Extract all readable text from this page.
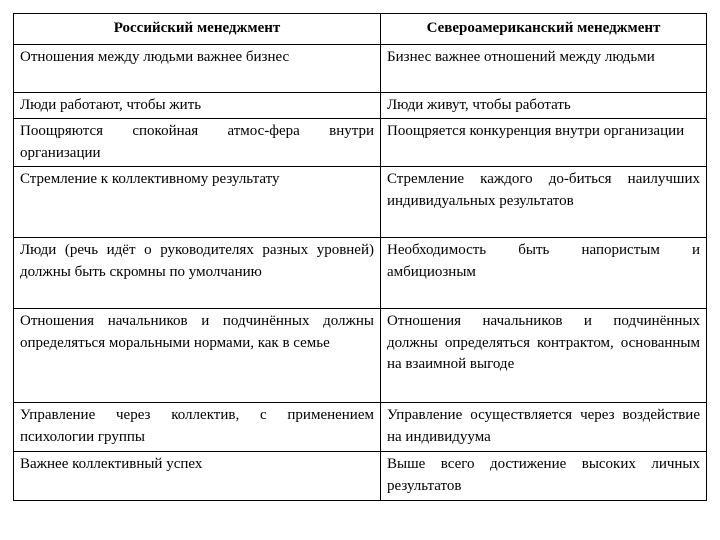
Российский менеджмент	Североамериканский менеджмент
Отношения между людьми важнее бизнес	Бизнес важнее отношений между людьми
Люди работают, чтобы жить	Люди живут, чтобы работать
Поощряются спокойная атмос-фера внутри организации	Поощряется конкуренция внутри организации
Стремление к коллективному результату	Стремление каждого до-биться наилучших индивидуальных результатов
Люди (речь идёт о руководителях разных уровней) должны быть скромны по умолчанию	Необходимость быть напористым и амбициозным
Отношения начальников и подчинённых должны определяться моральными нормами, как в семье	Отношения начальников и подчинённых должны определяться контрактом, основанным на взаимной выгоде
Управление через коллектив, с применением психологии группы	Управление осуществляется через воздействие на индивидуума
Важнее коллективный успех	Выше всего достижение высоких личных результатов
